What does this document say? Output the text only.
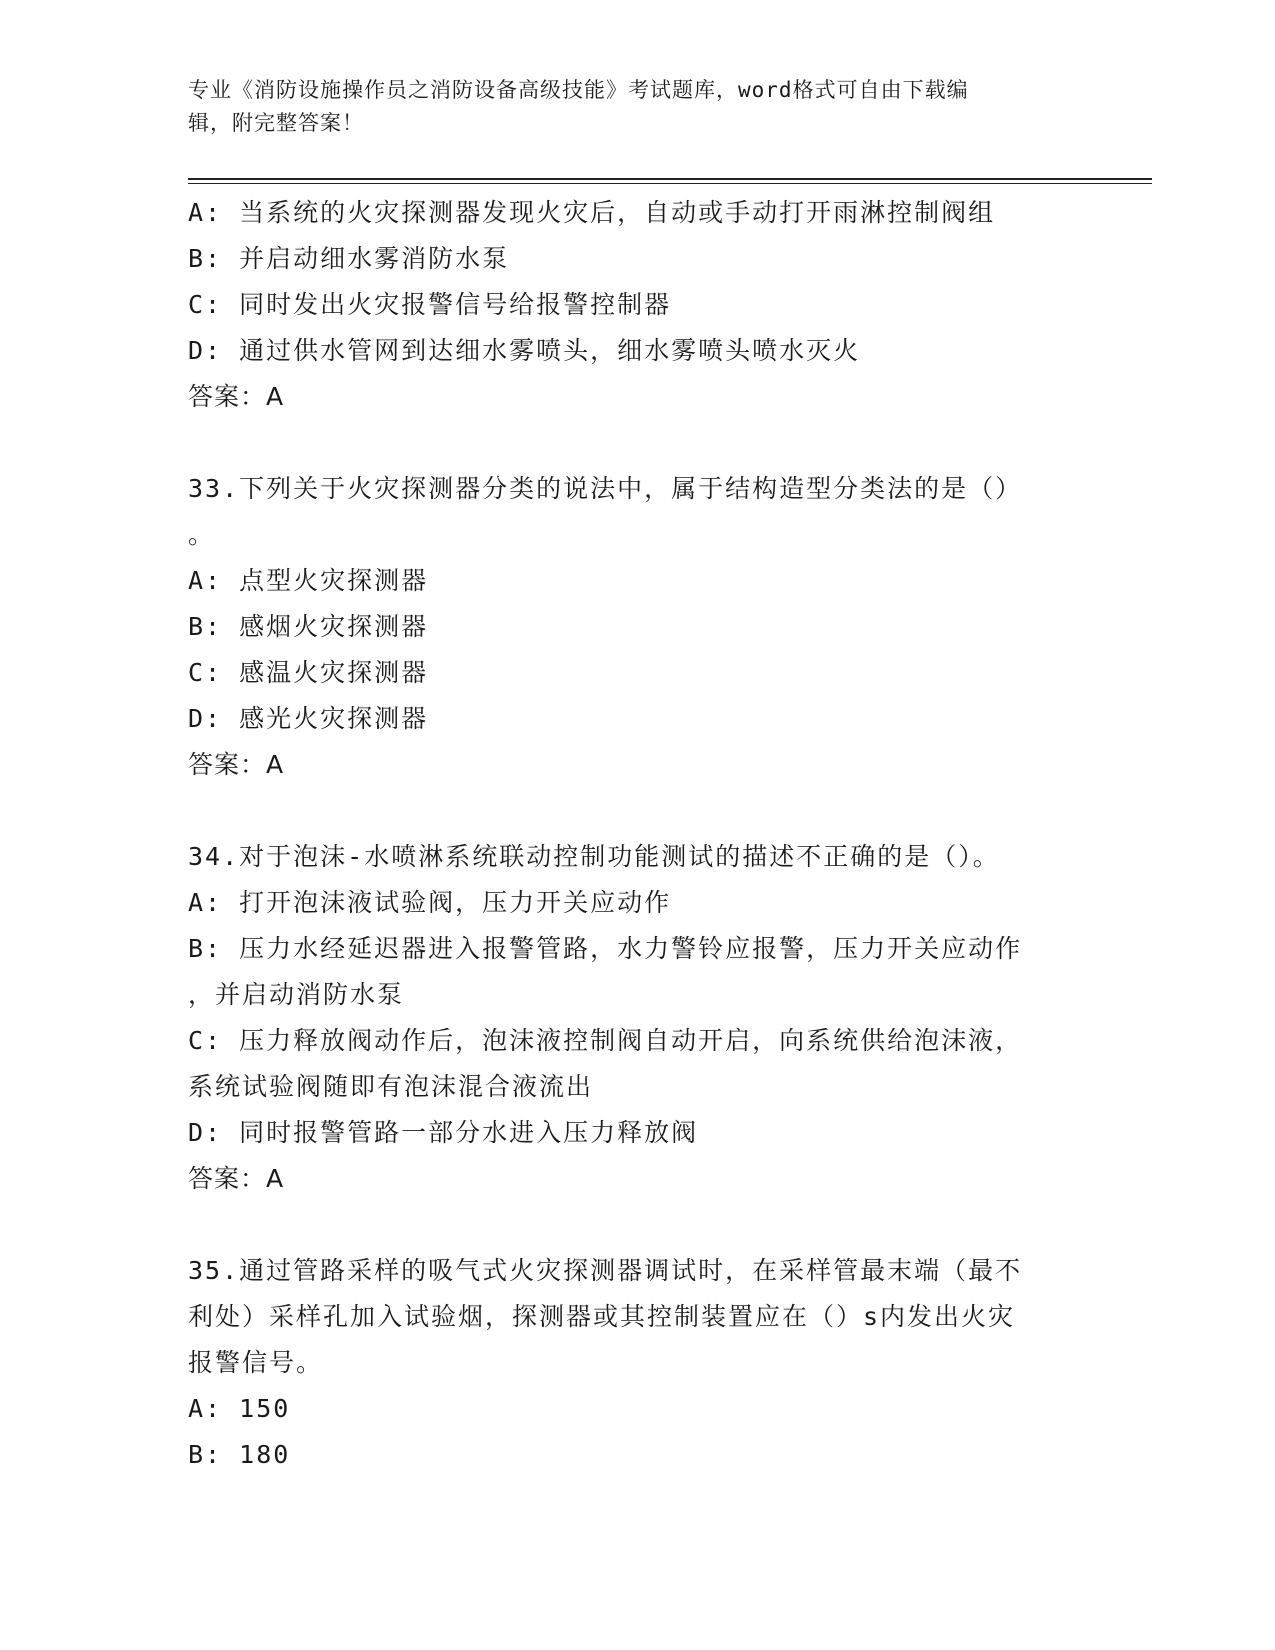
专业《消防设施操作员之消防设备高级技能》考试题库，word格式可自由下载编
辑，附完整答案！
A: 当系统的火灾探测器发现火灾后，自动或手动打开雨淋控制阀组
B: 并启动细水雾消防水泵
C: 同时发出火灾报警信号给报警控制器
D: 通过供水管网到达细水雾喷头，细水雾喷头喷水灭火
答案：A
33.下列关于火灾探测器分类的说法中，属于结构造型分类法的是（）
。
A: 点型火灾探测器
B: 感烟火灾探测器
C: 感温火灾探测器
D: 感光火灾探测器
答案：A
34.对于泡沫-水喷淋系统联动控制功能测试的描述不正确的是（）。
A: 打开泡沫液试验阀，压力开关应动作
B: 压力水经延迟器进入报警管路，水力警铃应报警，压力开关应动作
，并启动消防水泵
C: 压力释放阀动作后，泡沫液控制阀自动开启，向系统供给泡沫液，
系统试验阀随即有泡沫混合液流出
D: 同时报警管路一部分水进入压力释放阀
答案：A
35.通过管路采样的吸气式火灾探测器调试时，在采样管最末端（最不
利处）采样孔加入试验烟，探测器或其控制装置应在（）s内发出火灾
报警信号。
A: 150
B: 180
